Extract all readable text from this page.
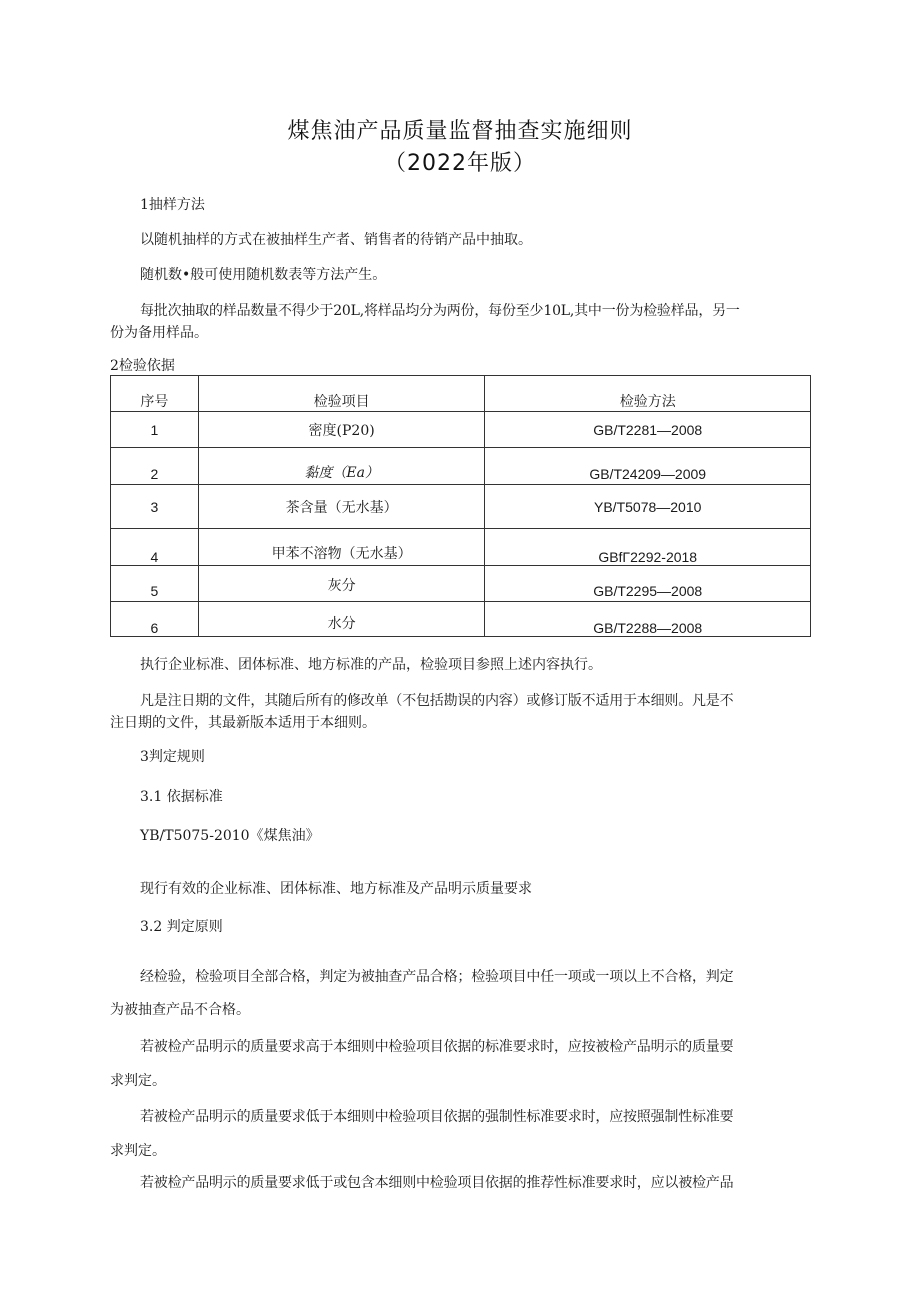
煤焦油产品质量监督抽查实施细则
（2022年版）
1抽样方法
以随机抽样的方式在被抽样生产者、销售者的待销产品中抽取。
随机数•般可使用随机数表等方法产生。
每批次抽取的样品数量不得少于20L,将样品均分为两份，每份至少10L,其中一份为检验样品，另一
份为备用样品。
2检验依据
序号	检验项目	检验方法
1	密度(P20)	GB/T2281—2008
2	黏度（Ea）	GB/T24209—2009
3	茶含量（无水基）	YB/T5078—2010
4	甲苯不溶物（无水基）	GBfΓ2292-2018
5	灰分	GB/T2295—2008
6	水分	GB/T2288—2008
执行企业标准、团体标准、地方标准的产品，检验项目参照上述内容执行。
凡是注日期的文件，其随后所有的修改单（不包括勘误的内容）或修订版不适用于本细则。凡是不
注日期的文件，其最新版本适用于本细则。
3判定规则
3.1 依据标准
YB/T5075-2010《煤焦油》
现行有效的企业标准、团体标准、地方标准及产品明示质量要求
3.2 判定原则
经检验，检验项目全部合格，判定为被抽查产品合格；检验项目中任一项或一项以上不合格，判定
为被抽查产品不合格。
若被检产品明示的质量要求高于本细则中检验项目依据的标准要求时，应按被检产品明示的质量要
求判定。
若被检产品明示的质量要求低于本细则中检验项目依据的强制性标准要求时，应按照强制性标准要
求判定。
若被检产品明示的质量要求低于或包含本细则中检验项目依据的推荐性标准要求时，应以被检产品
